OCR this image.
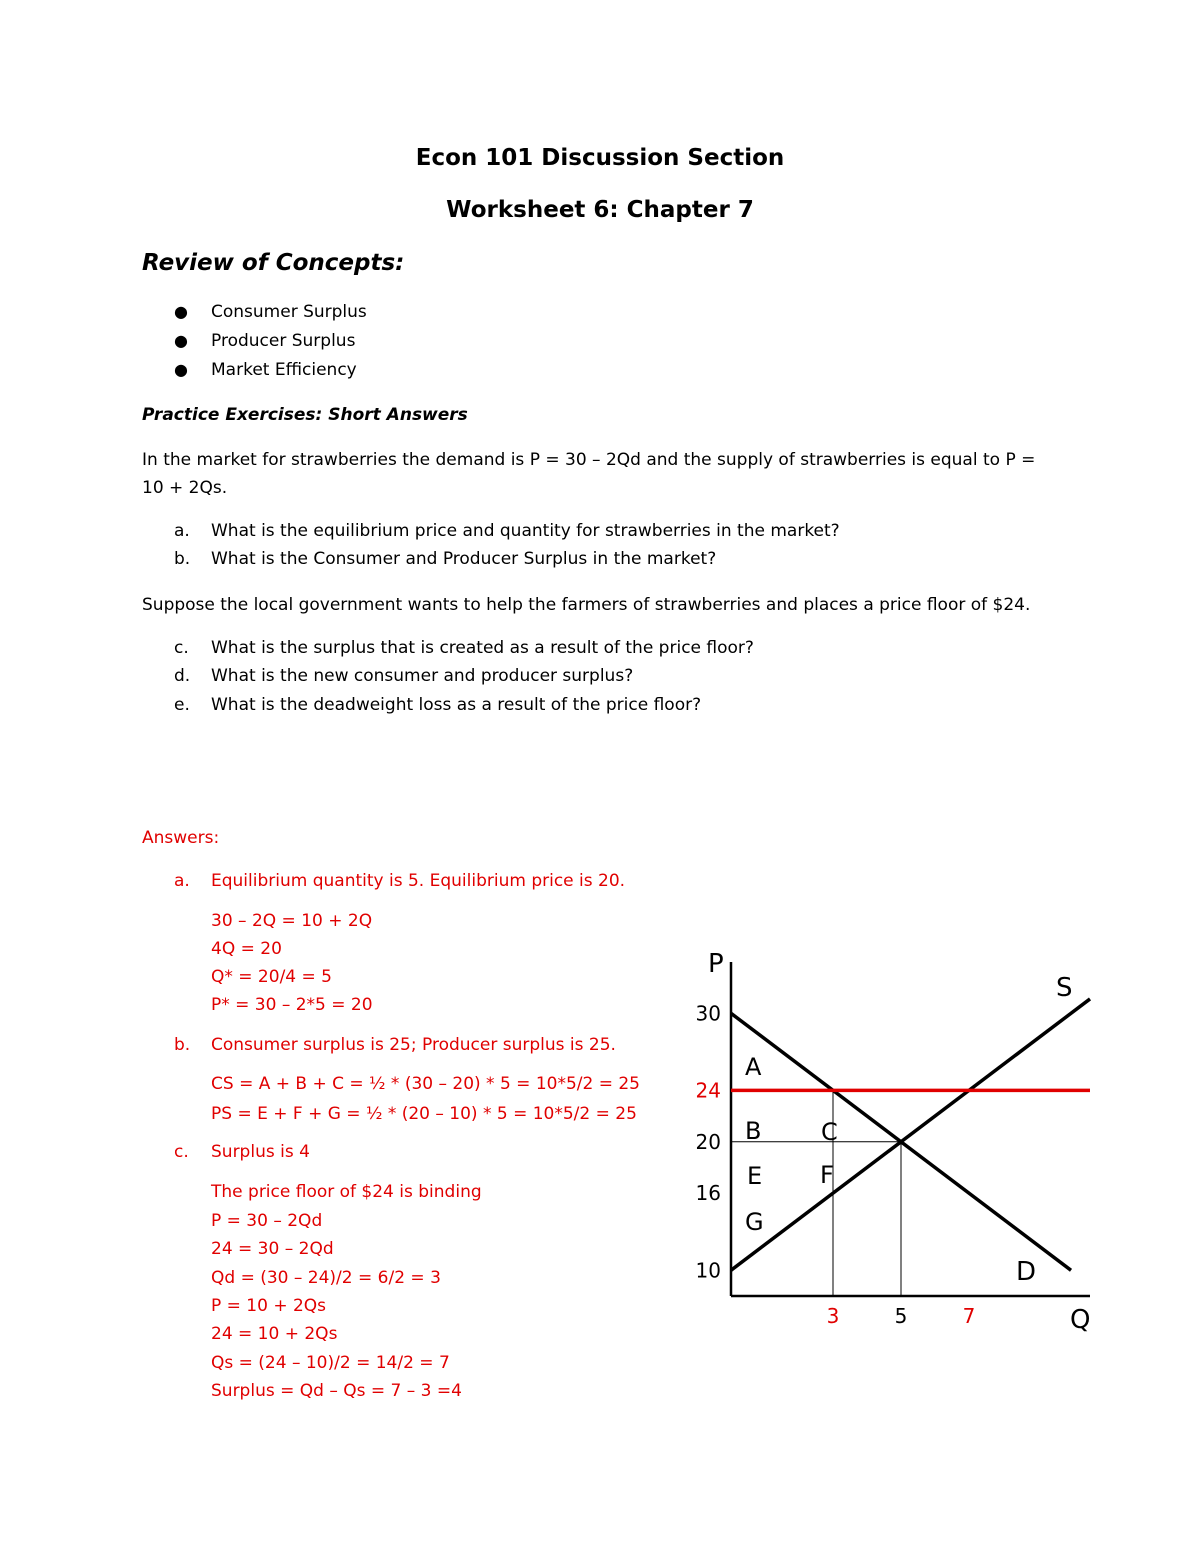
Econ 101 Discussion Section
Worksheet 6: Chapter 7
Review of Concepts:
● Consumer Surplus
● Producer Surplus
● Market Efficiency
Practice Exercises: Short Answers
In the market for strawberries the demand is P = 30 – 2Qd and the supply of strawberries is equal to P =
10 + 2Qs.
a. What is the equilibrium price and quantity for strawberries in the market?
b. What is the Consumer and Producer Surplus in the market?
Suppose the local government wants to help the farmers of strawberries and places a price floor of $24.
c. What is the surplus that is created as a result of the price floor?
d. What is the new consumer and producer surplus?
e. What is the deadweight loss as a result of the price floor?
Answers:
a. Equilibrium quantity is 5. Equilibrium price is 20.
30 – 2Q = 10 + 2Q
4Q = 20
Q* = 20/4 = 5
P* = 30 – 2*5 = 20
b. Consumer surplus is 25; Producer surplus is 25.
CS = A + B + C = ½ * (30 – 20) * 5 = 10*5/2 = 25
PS = E + F + G = ½ * (20 – 10) * 5 = 10*5/2 = 25
c. Surplus is 4
The price floor of $24 is binding
P = 30 – 2Qd
24 = 30 – 2Qd
Qd = (30 – 24)/2 = 6/2 = 3
P = 10 + 2Qs
24 = 10 + 2Qs
Qs = (24 – 10)/2 = 14/2 = 7
Surplus = Qd – Qs = 7 – 3 =4
P
Q
30
24
20
16
10
3	5	7
A
B C
E F
G
S
D
